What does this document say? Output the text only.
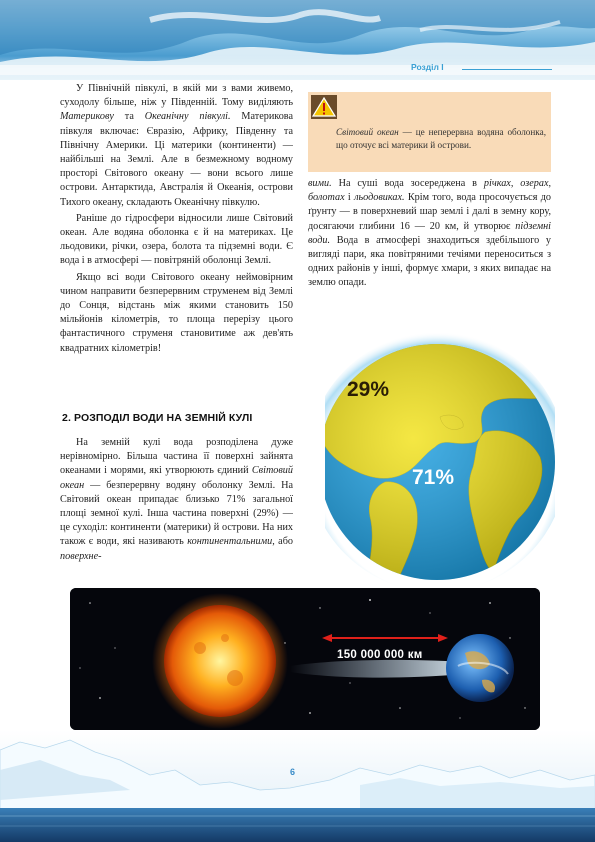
Розділ I

У Північній півкулі, в якій ми з вами живемо, суходолу більше, ніж у Південній. Тому виділяють Материкову та Океанічну півкулі. Материкова півкуля включає: Євразію, Африку, Південну та Північну Америки. Ці материки (континенти) — найбільші на Землі. Але в безмежному водному просторі Світового океану — вони всього лише острови. Антарктида, Австралія й Океанія, острови Тихого океану, складають Океанічну півкулю.

Раніше до гідросфери відносили лише Світовий океан. Але водяна оболонка є й на материках. Це льодовики, річки, озера, болота та підземні води. Є вода і в атмосфері — повітряній оболонці Землі.

Якщо всі води Світового океану неймовірним чином направити безперервним струменем від Землі до Сонця, відстань між якими становить 150 мільйонів кілометрів, то площа перерізу цього фантастичного струменя становитиме аж дев'ять квадратних кілометрів!

2. РОЗПОДІЛ ВОДИ НА ЗЕМНІЙ КУЛІ

На земній кулі вода розподілена дуже нерівномірно. Більша частина її поверхні зайнята океанами і морями, які утворюють єдиний Світовий океан — безперервну водяну оболонку Землі. На Світовий океан припадає близько 71% загальної площі земної кулі. Інша частина поверхні (29%) — це суходіл: континенти (материки) й острови. На них також є води, які називають континентальними, або поверхне-

Світовий океан — це неперервна водяна оболонка, що оточує всі материки й острови.

вими. На суші вода зосереджена в річках, озерах, болотах і льодовиках. Крім того, вода просочується до ґрунту — в поверхневий шар землі і далі в земну кору, досягаючи глибини 16 — 20 км, й утворює підземні води. Вода в атмосфері знаходиться здебільшого у вигляді пари, яка повітряними течіями переноситься з одних районів у інші, формує хмари, з яких випадає на землю опади.

29%
71%
150 000 000 км
6
